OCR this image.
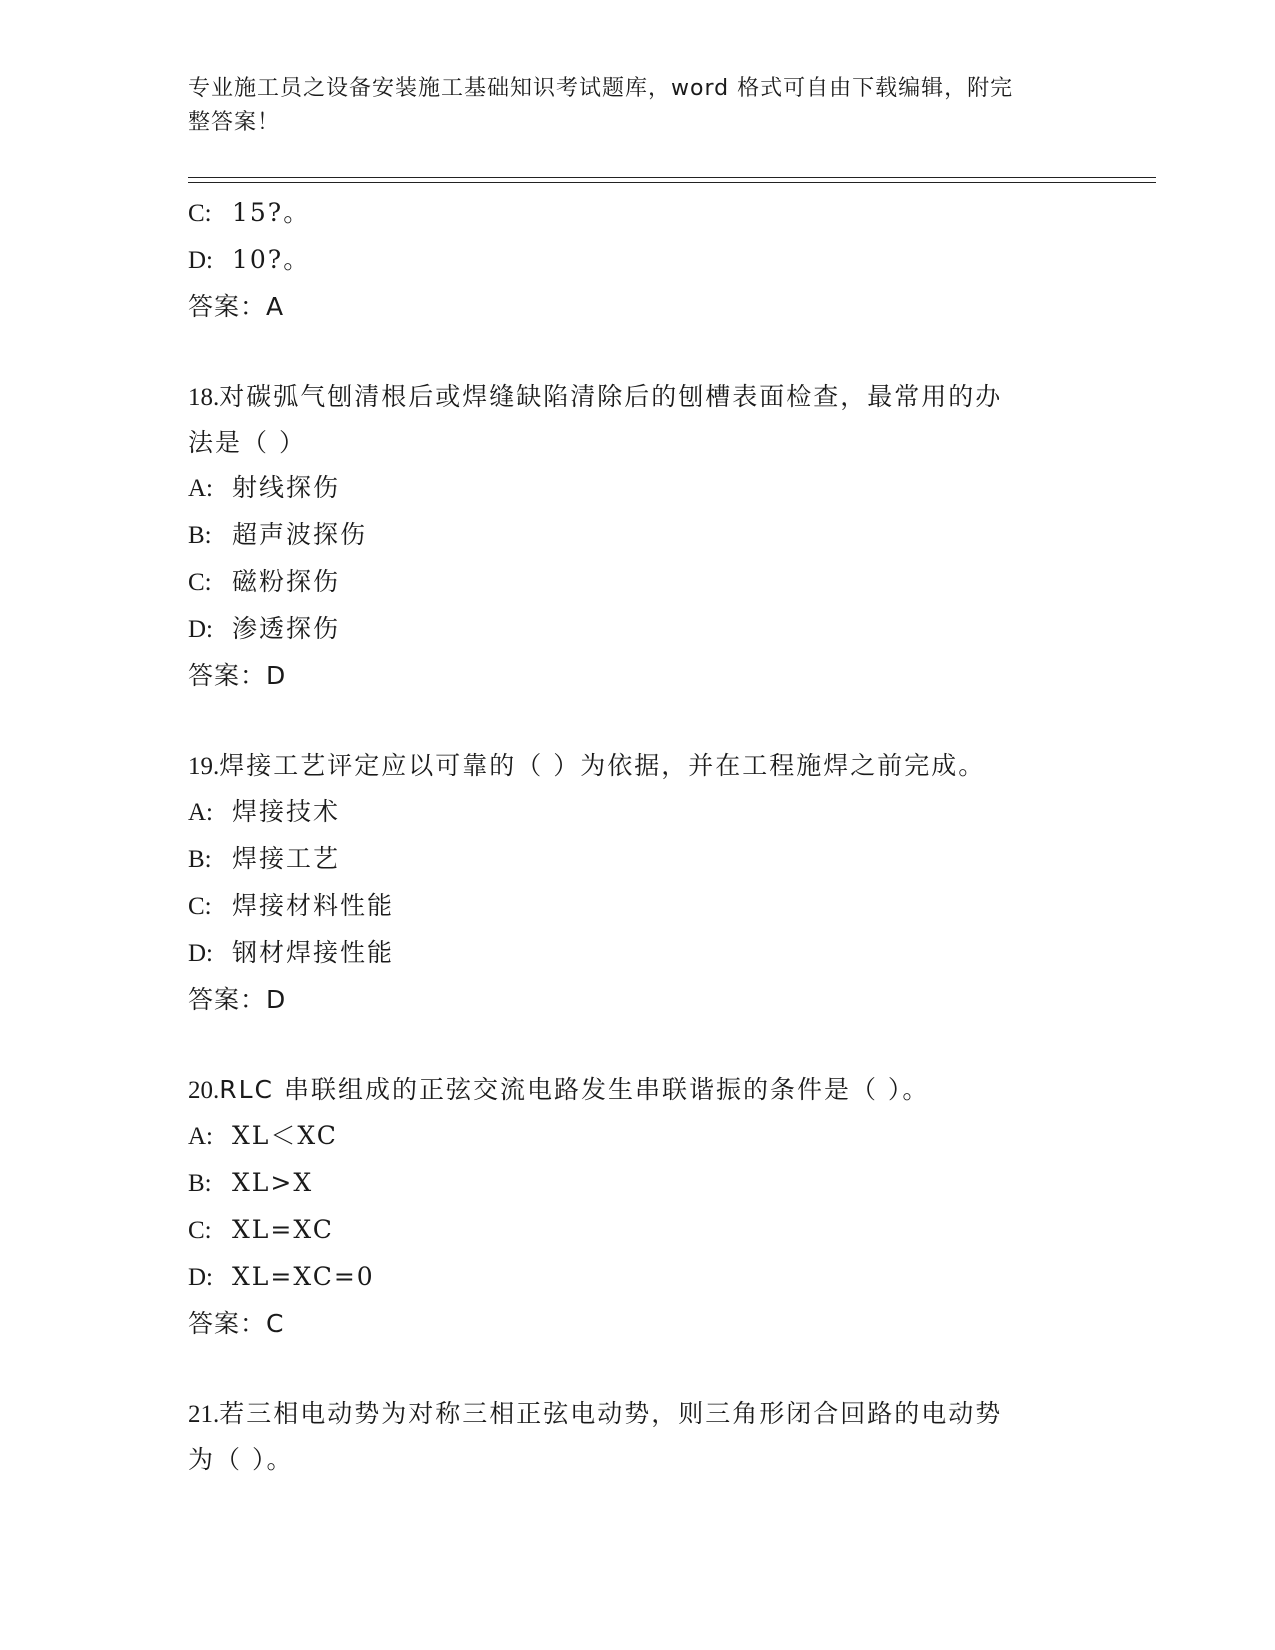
专业施工员之设备安装施工基础知识考试题库，word 格式可自由下载编辑，附完
整答案！

C: 15?。

D: 10?。

答案：A

18.对碳弧气刨清根后或焊缝缺陷清除后的刨槽表面检查，最常用的办

法是（ ）

A: 射线探伤

B: 超声波探伤

C: 磁粉探伤

D: 渗透探伤

答案：D

19.焊接工艺评定应以可靠的（ ）为依据，并在工程施焊之前完成。

A: 焊接技术

B: 焊接工艺

C: 焊接材料性能

D: 钢材焊接性能

答案：D

20.RLC 串联组成的正弦交流电路发生串联谐振的条件是（ ）。

A: XL＜XC

B: XL>X

C: XL=XC

D: XL=XC=0

答案：C

21.若三相电动势为对称三相正弦电动势，则三角形闭合回路的电动势

为（ ）。
